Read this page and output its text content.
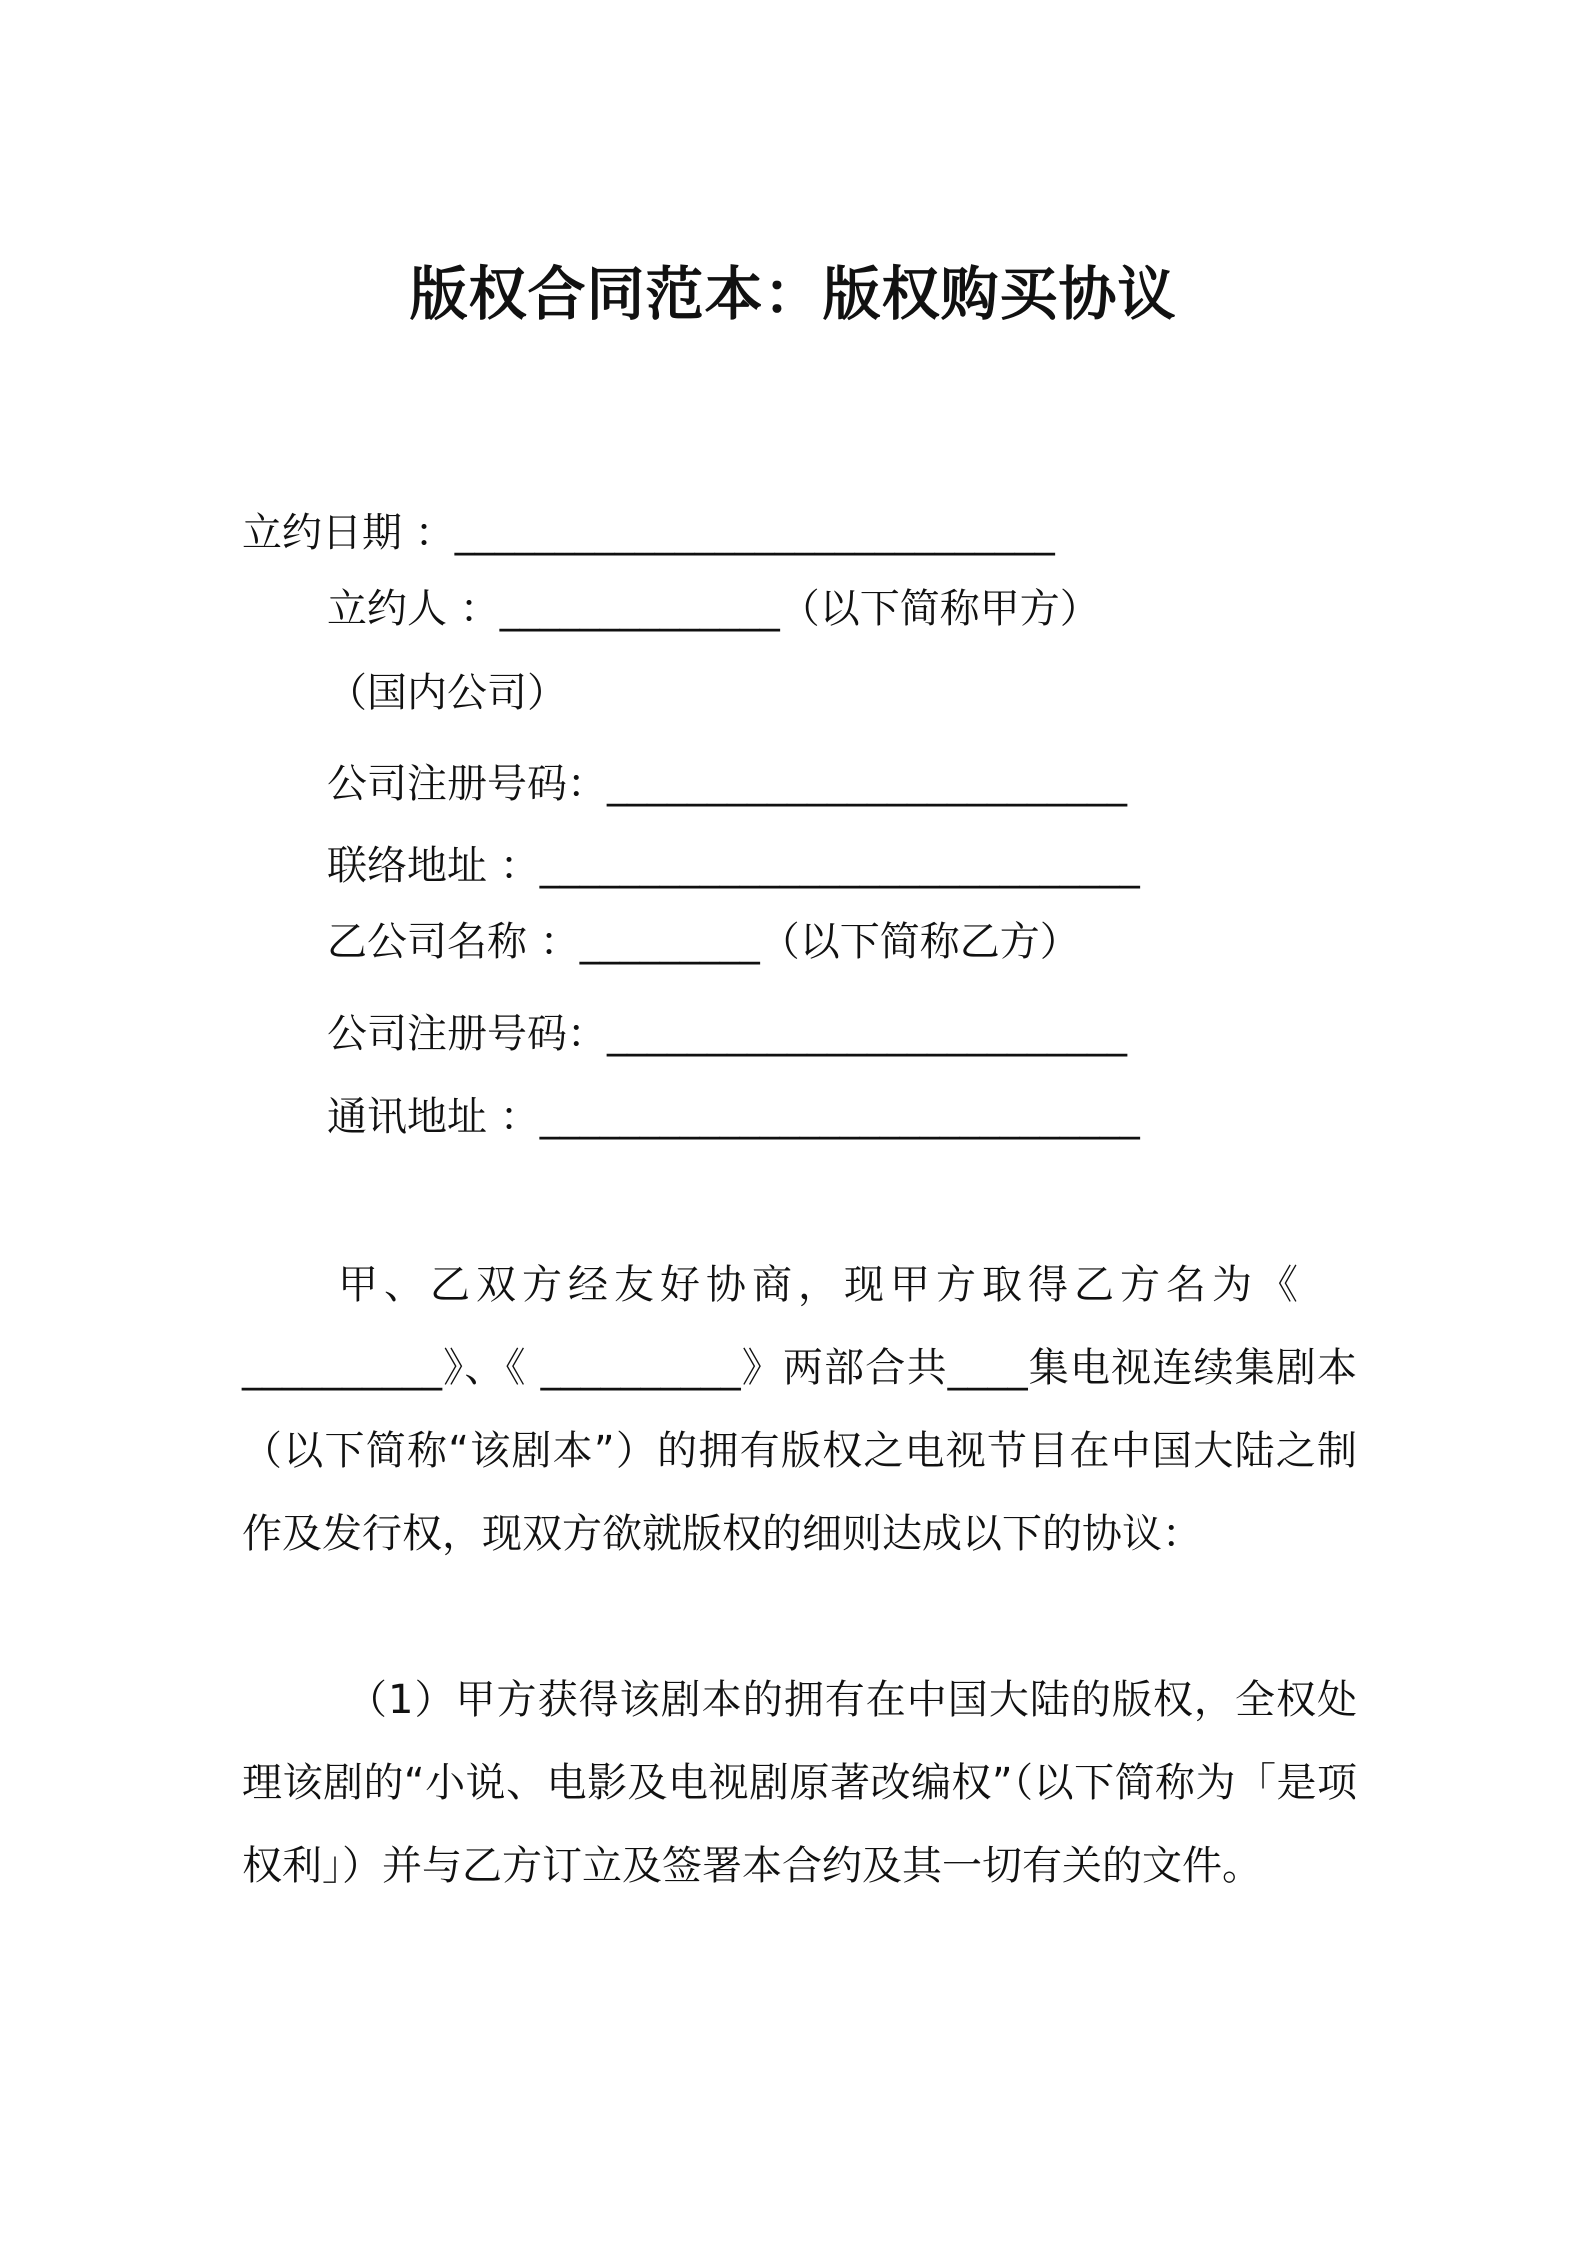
版权合同范本：版权购买协议
立约日期 ：______________________________
立约人 ：______________（以下简称甲方）
（国内公司）
公司注册号码：__________________________
联络地址 ：______________________________
乙公司名称 ：_________（以下简称乙方）
公司注册号码：__________________________
通讯地址 ：______________________________
甲、乙双方经友好协商，现甲方取得乙方名为《
__________》、《 __________》两部合共____集电视连续集剧本 （以下简称“该剧本”）的拥有版权之电视节目在中国大陆之制作及发行权，现双方欲就版权的细则达成以下的协议：
（1）甲方获得该剧本的拥有在中国大陆的版权，全权处理该剧的“小说、电影及电视剧原著改编权”（以下简称为「是项权利」）并与乙方订立及签署本合约及其一切有关的文件。
